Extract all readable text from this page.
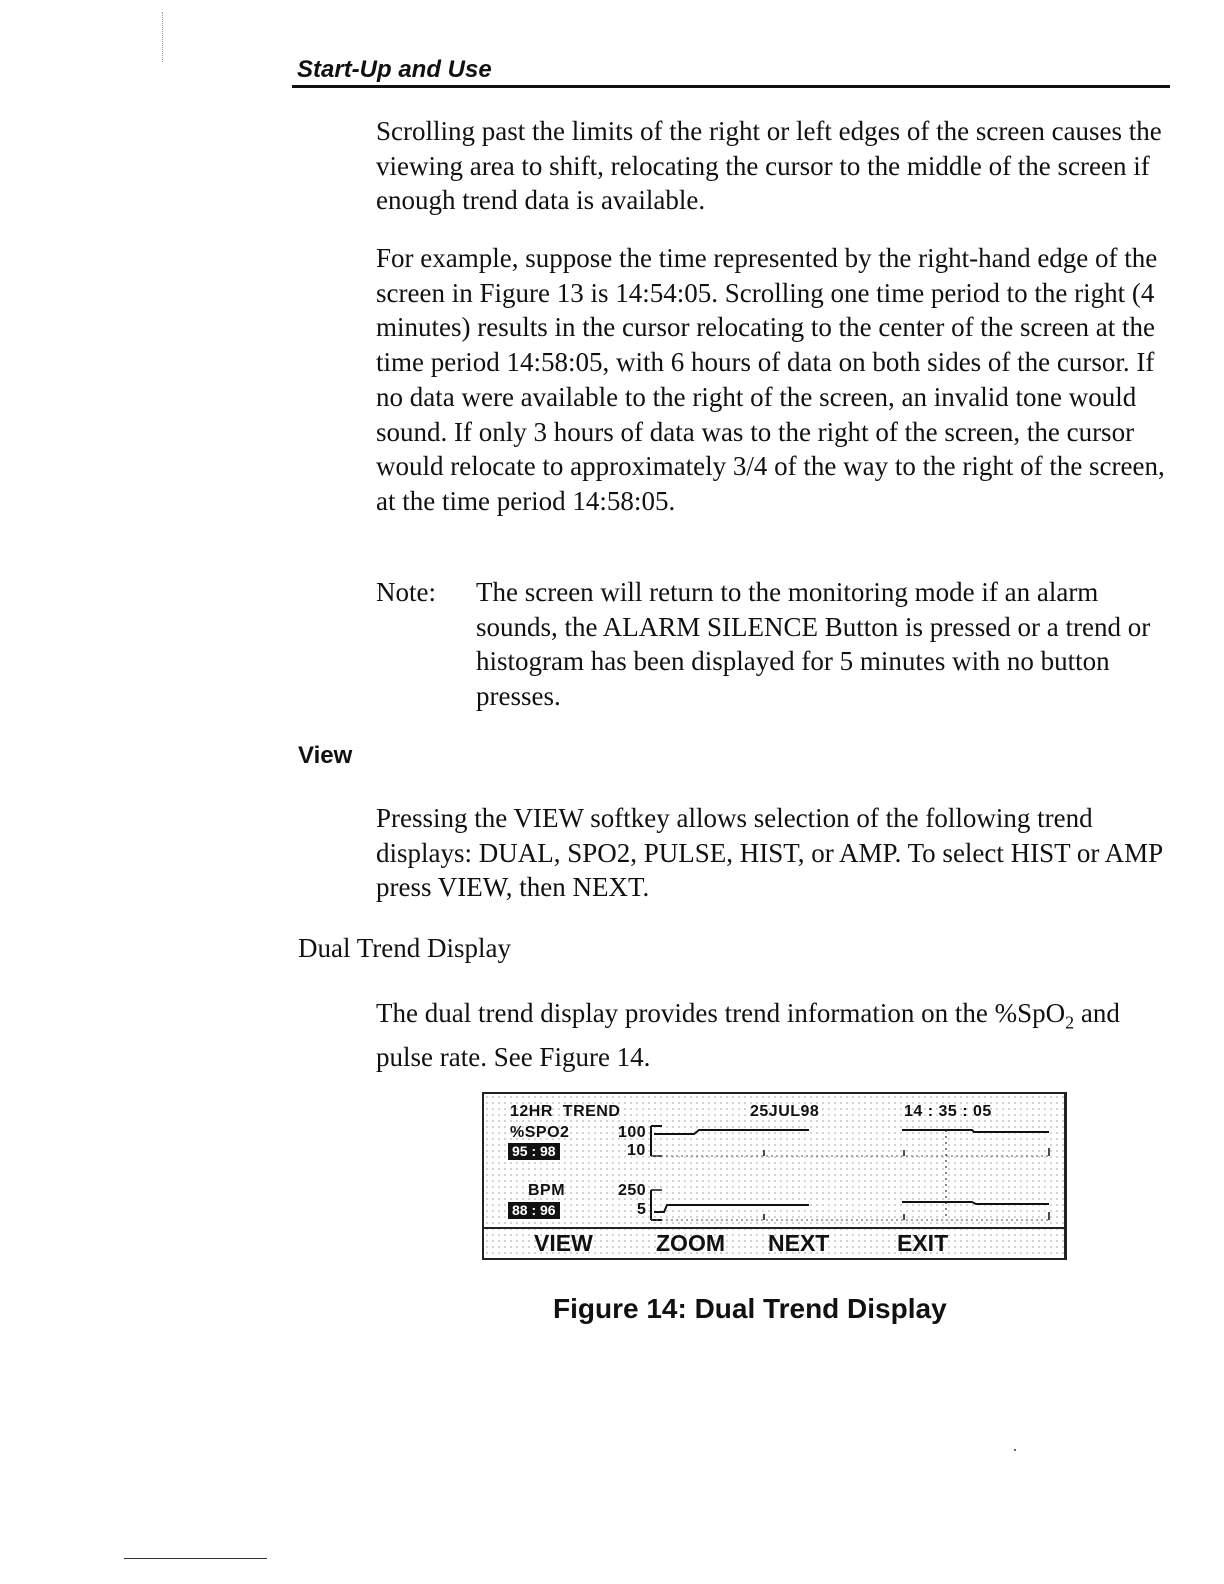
Start-Up and Use
Scrolling past the limits of the right or left edges of the screen causes the viewing area to shift, relocating the cursor to the middle of the screen if enough trend data is available.
For example, suppose the time represented by the right-hand edge of the screen in Figure 13 is 14:54:05. Scrolling one time period to the right (4 minutes) results in the cursor relocating to the center of the screen at the time period 14:58:05, with 6 hours of data on both sides of the cursor. If no data were available to the right of the screen, an invalid tone would sound. If only 3 hours of data was to the right of the screen, the cursor would relocate to approximately 3/4 of the way to the right of the screen, at the time period 14:58:05.
Note: The screen will return to the monitoring mode if an alarm sounds, the ALARM SILENCE Button is pressed or a trend or histogram has been displayed for 5 minutes with no button presses.
View
Pressing the VIEW softkey allows selection of the following trend displays: DUAL, SPO2, PULSE, HIST, or AMP. To select HIST or AMP press VIEW, then NEXT.
Dual Trend Display
The dual trend display provides trend information on the %SpO$_2$ and pulse rate. See Figure 14.
12HR  TREND	25JUL98	14 : 35 : 05
%SPO2	100
95 : 98	10
BPM	250
88 : 96	5
VIEW	ZOOM NEXT	EXIT
Figure 14: Dual Trend Display
